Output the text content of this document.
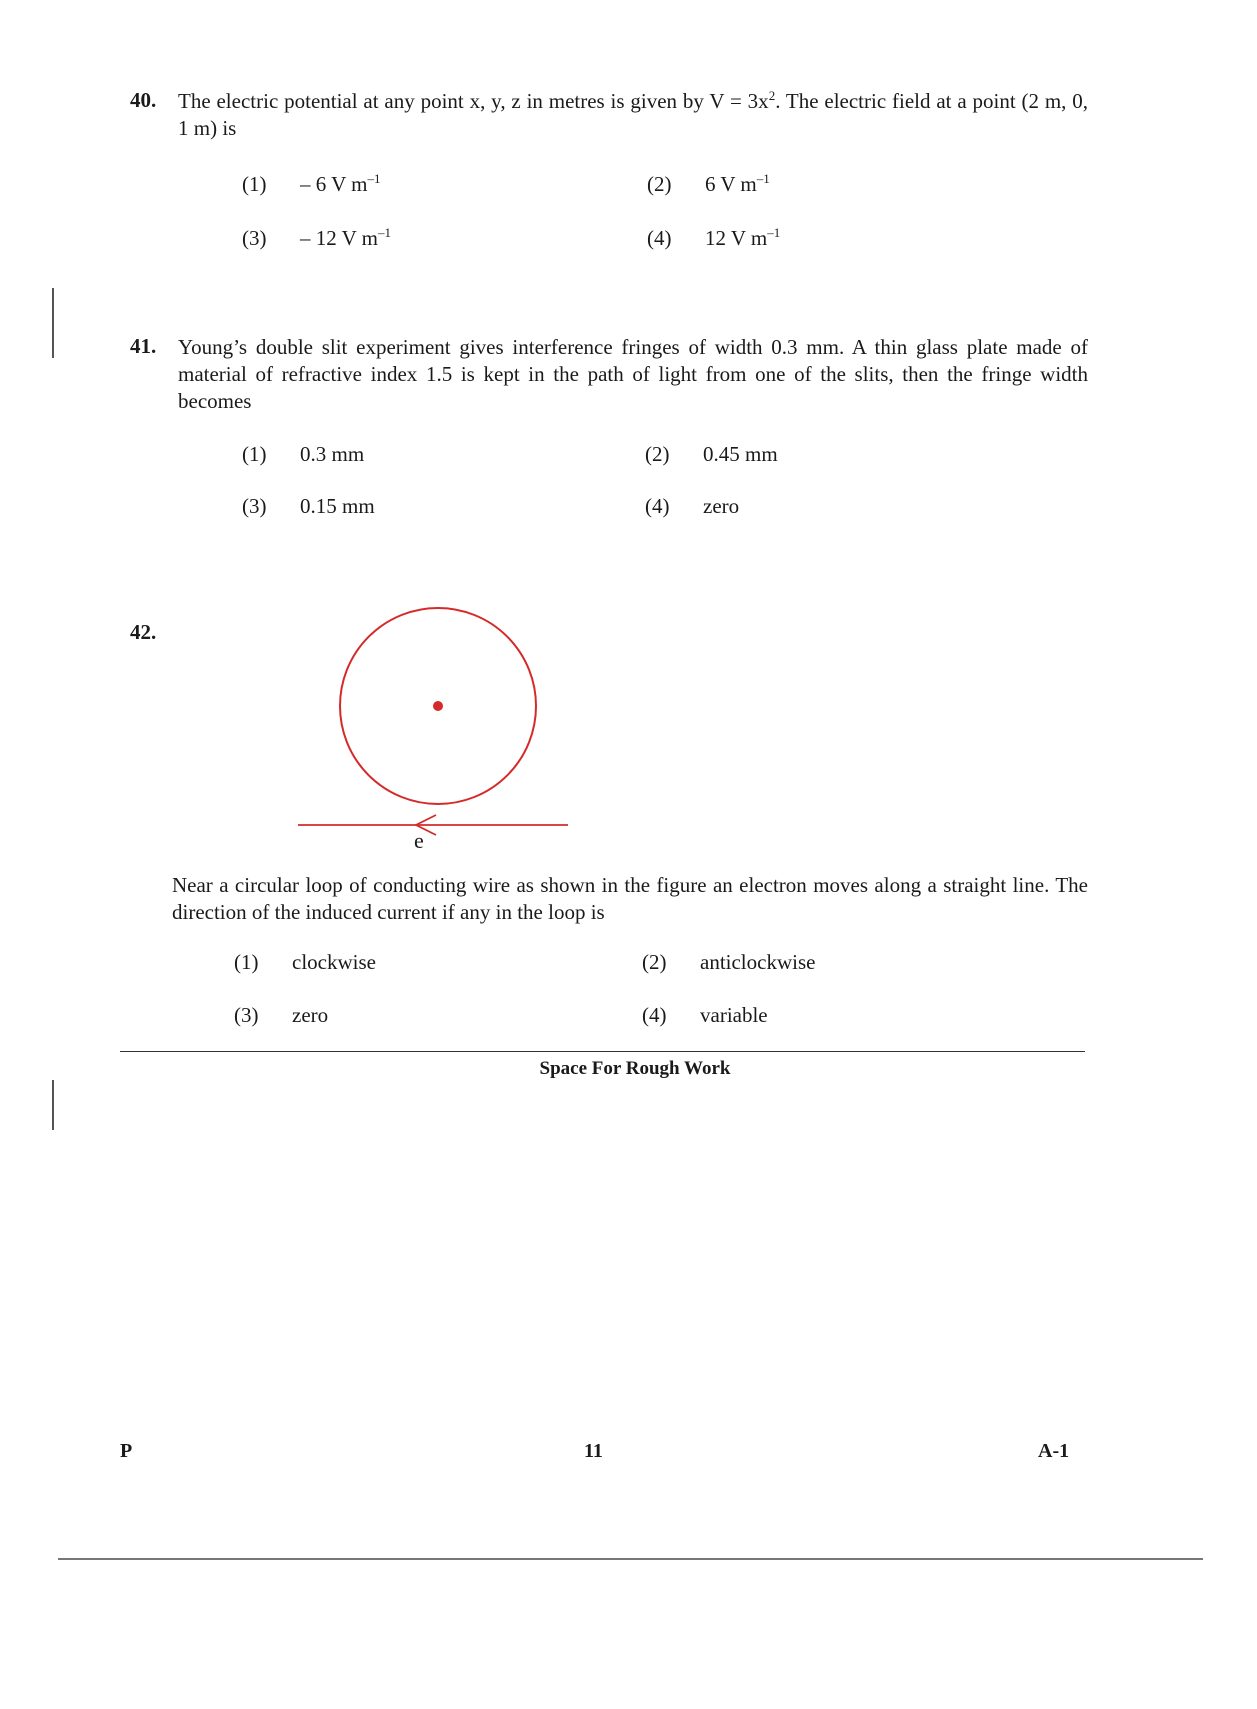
40. The electric potential at any point x, y, z in metres is given by $V = 3x^2$. The electric field at a point (2 m, 0, 1 m) is
(1) – 6 V $m^{-1}$	(2) 6 V $m^{-1}$
(3) – 12 V $m^{-1}$	(4) 12 V $m^{-1}$
41. Young’s double slit experiment gives interference fringes of width 0.3 mm. A thin glass plate made of material of refractive index 1.5 is kept in the path of light from one of the slits, then the fringe width becomes
(1) 0.3 mm	(2) 0.45 mm
(3) 0.15 mm	(4) zero
42.
e
Near a circular loop of conducting wire as shown in the figure an electron moves along a straight line. The direction of the induced current if any in the loop is
(1) clockwise	(2) anticlockwise
(3) zero	(4) variable
Space For Rough Work
P	11	A-1
